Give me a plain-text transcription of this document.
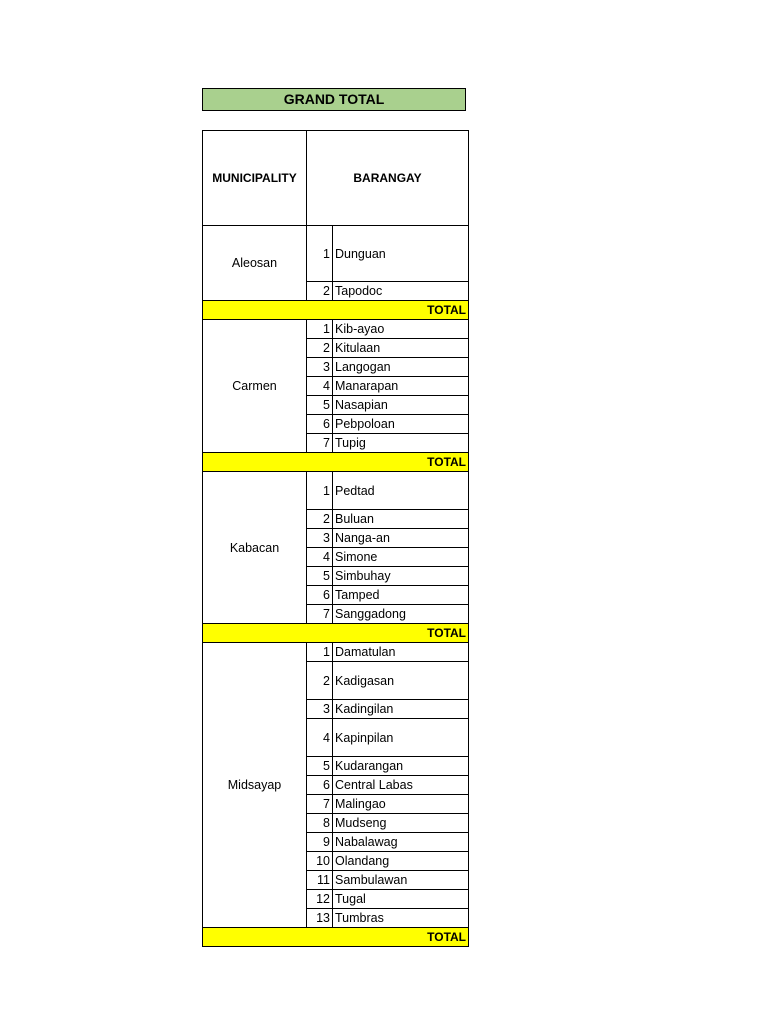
GRAND TOTAL
MUNICIPALITY	BARANGAY	
Aleosan	1	Dunguan
	2	Tapodoc
TOTAL		
Carmen	1	Kib-ayao
	2	Kitulaan
	3	Langogan
	4	Manarapan
	5	Nasapian
	6	Pebpoloan
	7	Tupig
TOTAL		
Kabacan	1	Pedtad
	2	Buluan
	3	Nanga-an
	4	Simone
	5	Simbuhay
	6	Tamped
	7	Sanggadong
TOTAL		
Midsayap	1	Damatulan
	2	Kadigasan
	3	Kadingilan
	4	Kapinpilan
	5	Kudarangan
	6	Central Labas
	7	Malingao
	8	Mudseng
	9	Nabalawag
	10	Olandang
	11	Sambulawan
	12	Tugal
	13	Tumbras
TOTAL		
